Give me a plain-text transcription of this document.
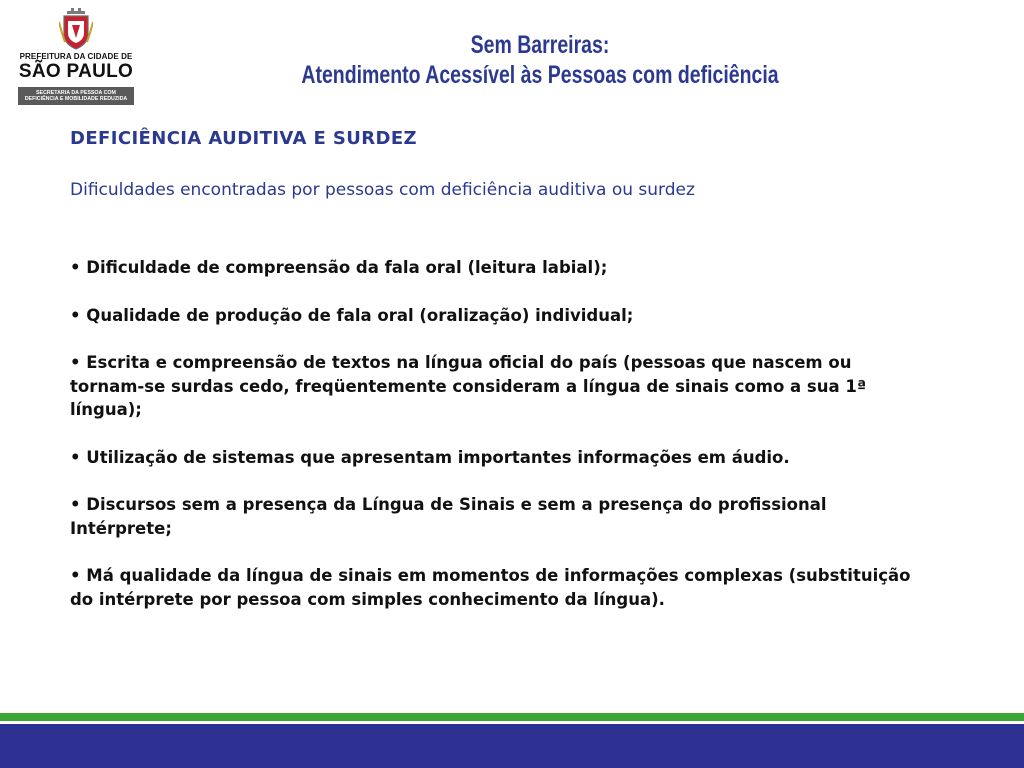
PREFEITURA DA CIDADE DE
SÃO PAULO
SECRETARIA DA PESSOA COM
DEFICIÊNCIA E MOBILIDADE REDUZIDA
Sem Barreiras:
Atendimento Acessível às Pessoas com deficiência
DEFICIÊNCIA AUDITIVA E SURDEZ
Dificuldades encontradas por pessoas com deficiência auditiva ou surdez
• Dificuldade de compreensão da fala oral (leitura labial);
• Qualidade de produção de fala oral (oralização) individual;
• Escrita e compreensão de textos na língua oficial do país (pessoas que nascem ou tornam-se surdas cedo, freqüentemente consideram a língua de sinais como a sua 1ª língua);
• Utilização de sistemas que apresentam importantes informações em áudio.
• Discursos sem a presença da Língua de Sinais e sem a presença do profissional Intérprete;
• Má qualidade da língua de sinais em momentos de informações complexas (substituição do intérprete por pessoa com simples conhecimento da língua).
